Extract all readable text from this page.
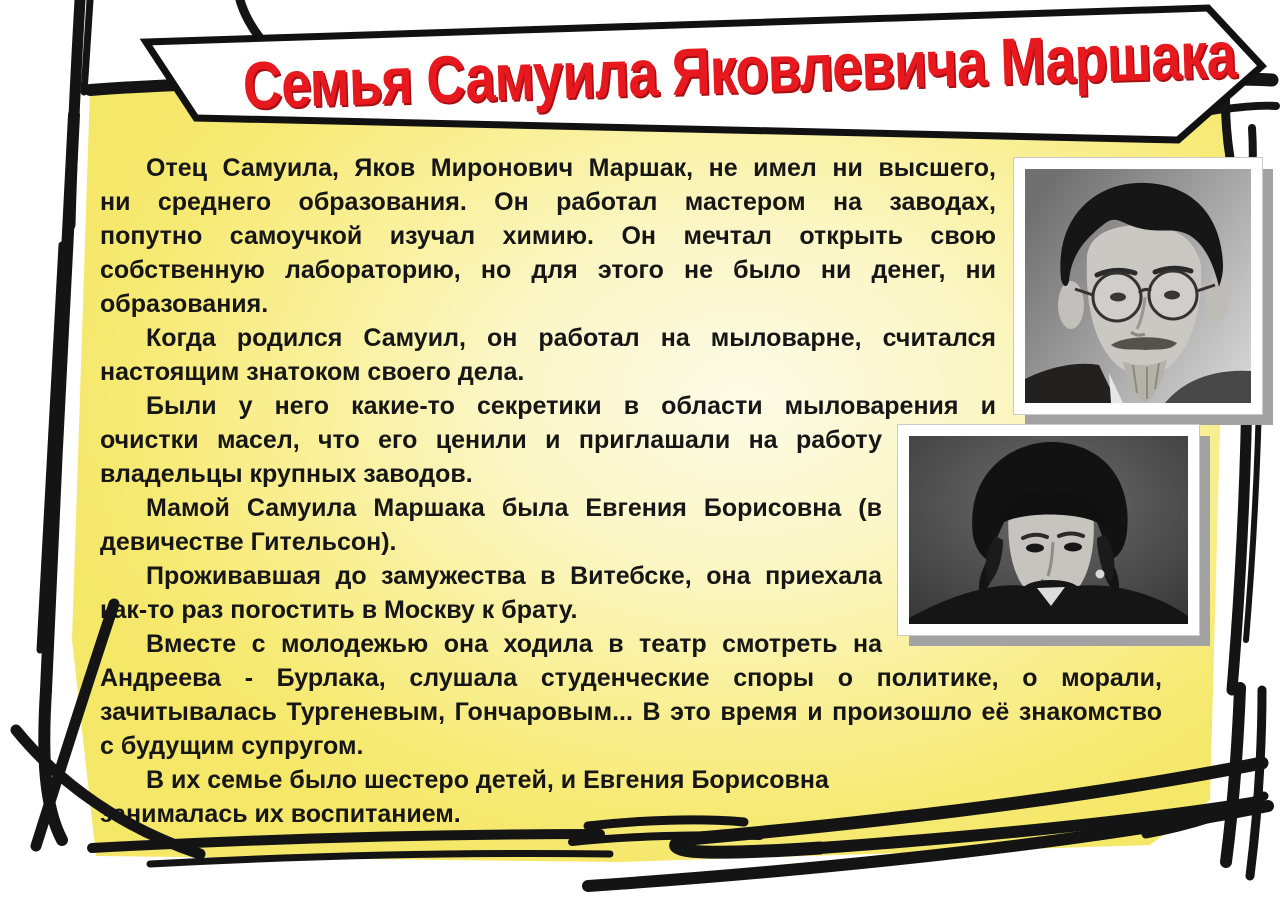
Семья Самуила Яковлевича Маршака
Отец Самуила, Яков Миронович Маршак, не имел ни высшего,
ни среднего образования. Он работал мастером на заводах,
попутно самоучкой изучал химию. Он мечтал открыть свою
собственную лабораторию, но для этого не было ни денег, ни
образования.
Когда родился Самуил, он работал на мыловарне, считался
настоящим знатоком своего дела.
Были у него какие-то секретики в области мыловарения и
очистки масел, что его ценили и приглашали на работу
владельцы крупных заводов.
Мамой Самуила Маршака была Евгения Борисовна (в
девичестве Гительсон).
Проживавшая до замужества в Витебске, она приехала
как-то раз погостить в Москву к брату.
Вместе с молодежью она ходила в театр смотреть на
Андреева - Бурлака, слушала студенческие споры о политике, о морали,
зачитывалась Тургеневым, Гончаровым... В это время и произошло её знакомство
с будущим супругом.
В их семье было шестеро детей, и Евгения Борисовна
занималась их воспитанием.
